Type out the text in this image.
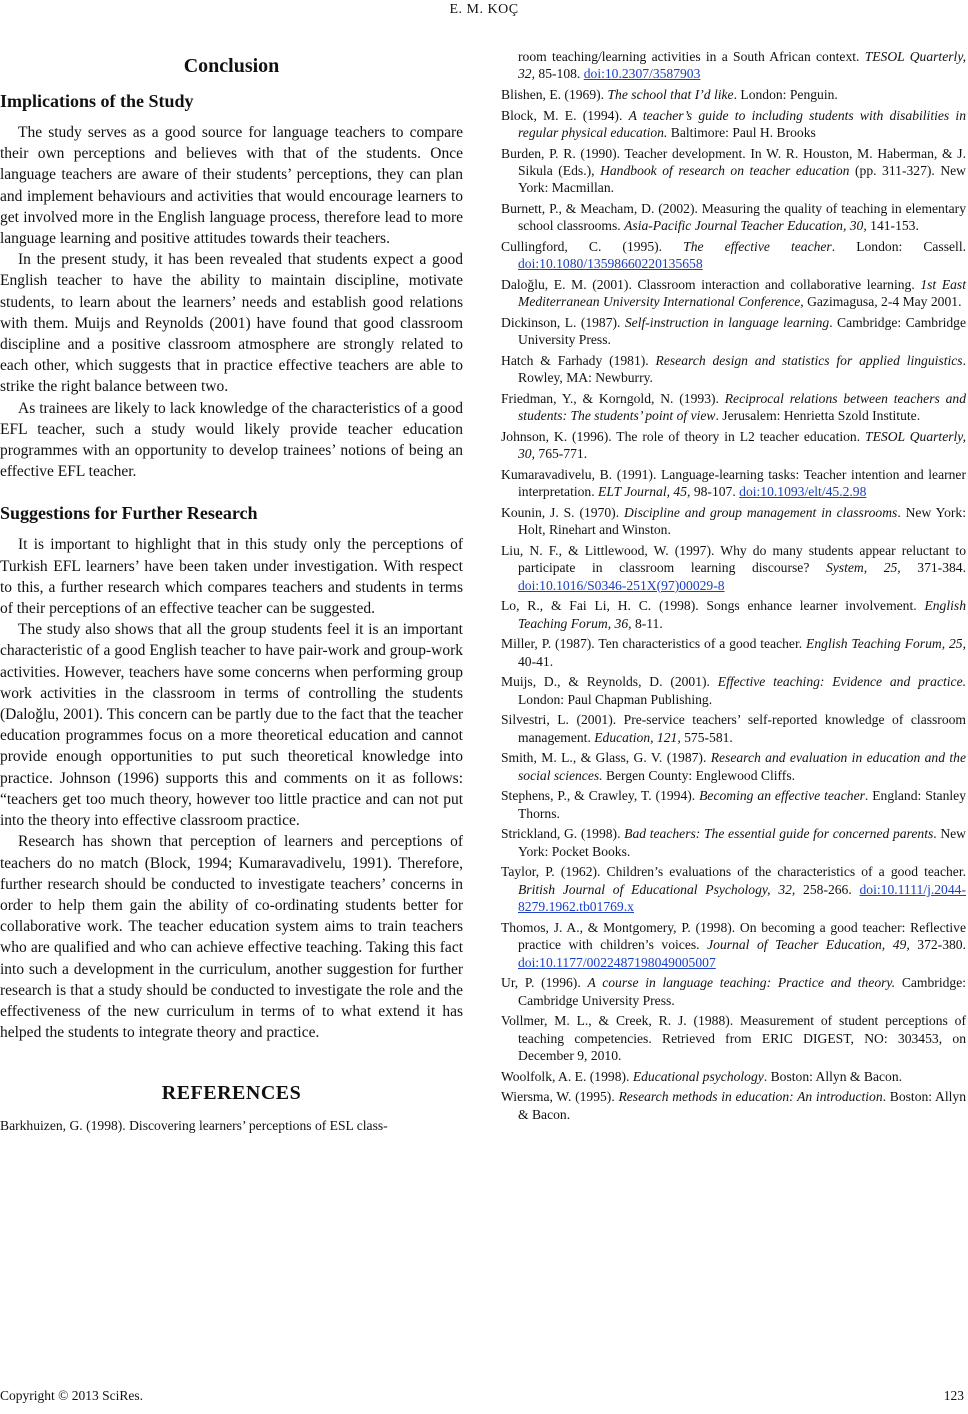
E. M. KOÇ
Conclusion
Implications of the Study

The study serves as a good source for language teachers to compare their own perceptions and believes with that of the students. Once language teachers are aware of their students’ perceptions, they can plan and implement behaviours and activities that would encourage learners to get involved more in the English language process, therefore lead to more language learning and positive attitudes towards their teachers.

In the present study, it has been revealed that students expect a good English teacher to have the ability to maintain discipline, motivate students, to learn about the learners’ needs and establish good relations with them. Muijs and Reynolds (2001) have found that good classroom discipline and a positive classroom atmosphere are strongly related to each other, which suggests that in practice effective teachers are able to strike the right balance between two.

As trainees are likely to lack knowledge of the characteristics of a good EFL teacher, such a study would likely provide teacher education programmes with an opportunity to develop trainees’ notions of being an effective EFL teacher.

Suggestions for Further Research

It is important to highlight that in this study only the perceptions of Turkish EFL learners’ have been taken under investigation. With respect to this, a further research which compares teachers and students in terms of their perceptions of an effective teacher can be suggested.

The study also shows that all the group students feel it is an important characteristic of a good English teacher to have pair-work and group-work activities. However, teachers have some concerns when performing group work activities in the classroom in terms of controlling the students (Daloğlu, 2001). This concern can be partly due to the fact that the teacher education programmes focus on a more theoretical education and cannot provide enough opportunities to put such theoretical knowledge into practice. Johnson (1996) supports this and comments on it as follows: “teachers get too much theory, however too little practice and can not put into the theory into effective classroom practice.

Research has shown that perception of learners and perceptions of teachers do no match (Block, 1994; Kumaravadivelu, 1991). Therefore, further research should be conducted to investigate teachers’ concerns in order to help them gain the ability of co-ordinating students better for collaborative work. The teacher education system aims to train teachers who are qualified and who can achieve effective teaching. Taking this fact into such a development in the curriculum, another suggestion for further research is that a study should be conducted to investigate the role and the effectiveness of the new curriculum in terms of to what extend it has helped the students to integrate theory and practice.

REFERENCES
Barkhuizen, G. (1998). Discovering learners’ perceptions of ESL class-
room teaching/learning activities in a South African context. TESOL Quarterly, 32, 85-108. doi:10.2307/3587903
Blishen, E. (1969). The school that I’d like. London: Penguin.
Block, M. E. (1994). A teacher’s guide to including students with disabilities in regular physical education. Baltimore: Paul H. Brooks
Burden, P. R. (1990). Teacher development. In W. R. Houston, M. Haberman, & J. Sikula (Eds.), Handbook of research on teacher education (pp. 311-327). New York: Macmillan.
Burnett, P., & Meacham, D. (2002). Measuring the quality of teaching in elementary school classrooms. Asia-Pacific Journal Teacher Education, 30, 141-153.
Cullingford, C. (1995). The effective teacher. London: Cassell. doi:10.1080/13598660220135658
Daloğlu, E. M. (2001). Classroom interaction and collaborative learning. 1st East Mediterranean University International Conference, Gazimagusa, 2-4 May 2001.
Dickinson, L. (1987). Self-instruction in language learning. Cambridge: Cambridge University Press.
Hatch & Farhady (1981). Research design and statistics for applied linguistics. Rowley, MA: Newburry.
Friedman, Y., & Korngold, N. (1993). Reciprocal relations between teachers and students: The students’ point of view. Jerusalem: Henrietta Szold Institute.
Johnson, K. (1996). The role of theory in L2 teacher education. TESOL Quarterly, 30, 765-771.
Kumaravadivelu, B. (1991). Language-learning tasks: Teacher intention and learner interpretation. ELT Journal, 45, 98-107. doi:10.1093/elt/45.2.98
Kounin, J. S. (1970). Discipline and group management in classrooms. New York: Holt, Rinehart and Winston.
Liu, N. F., & Littlewood, W. (1997). Why do many students appear reluctant to participate in classroom learning discourse? System, 25, 371-384. doi:10.1016/S0346-251X(97)00029-8
Lo, R., & Fai Li, H. C. (1998). Songs enhance learner involvement. English Teaching Forum, 36, 8-11.
Miller, P. (1987). Ten characteristics of a good teacher. English Teaching Forum, 25, 40-41.
Muijs, D., & Reynolds, D. (2001). Effective teaching: Evidence and practice. London: Paul Chapman Publishing.
Silvestri, L. (2001). Pre-service teachers’ self-reported knowledge of classroom management. Education, 121, 575-581.
Smith, M. L., & Glass, G. V. (1987). Research and evaluation in education and the social sciences. Bergen County: Englewood Cliffs.
Stephens, P., & Crawley, T. (1994). Becoming an effective teacher. England: Stanley Thorns.
Strickland, G. (1998). Bad teachers: The essential guide for concerned parents. New York: Pocket Books.
Taylor, P. (1962). Children’s evaluations of the characteristics of a good teacher. British Journal of Educational Psychology, 32, 258-266. doi:10.1111/j.2044-8279.1962.tb01769.x
Thomos, J. A., & Montgomery, P. (1998). On becoming a good teacher: Reflective practice with children’s voices. Journal of Teacher Education, 49, 372-380. doi:10.1177/0022487198049005007
Ur, P. (1996). A course in language teaching: Practice and theory. Cambridge: Cambridge University Press.
Vollmer, M. L., & Creek, R. J. (1988). Measurement of student perceptions of teaching competencies. Retrieved from ERIC DIGEST, NO: 303453, on December 9, 2010.
Woolfolk, A. E. (1998). Educational psychology. Boston: Allyn & Bacon.
Wiersma, W. (1995). Research methods in education: An introduction. Boston: Allyn & Bacon.
Copyright © 2013 SciRes.	123
